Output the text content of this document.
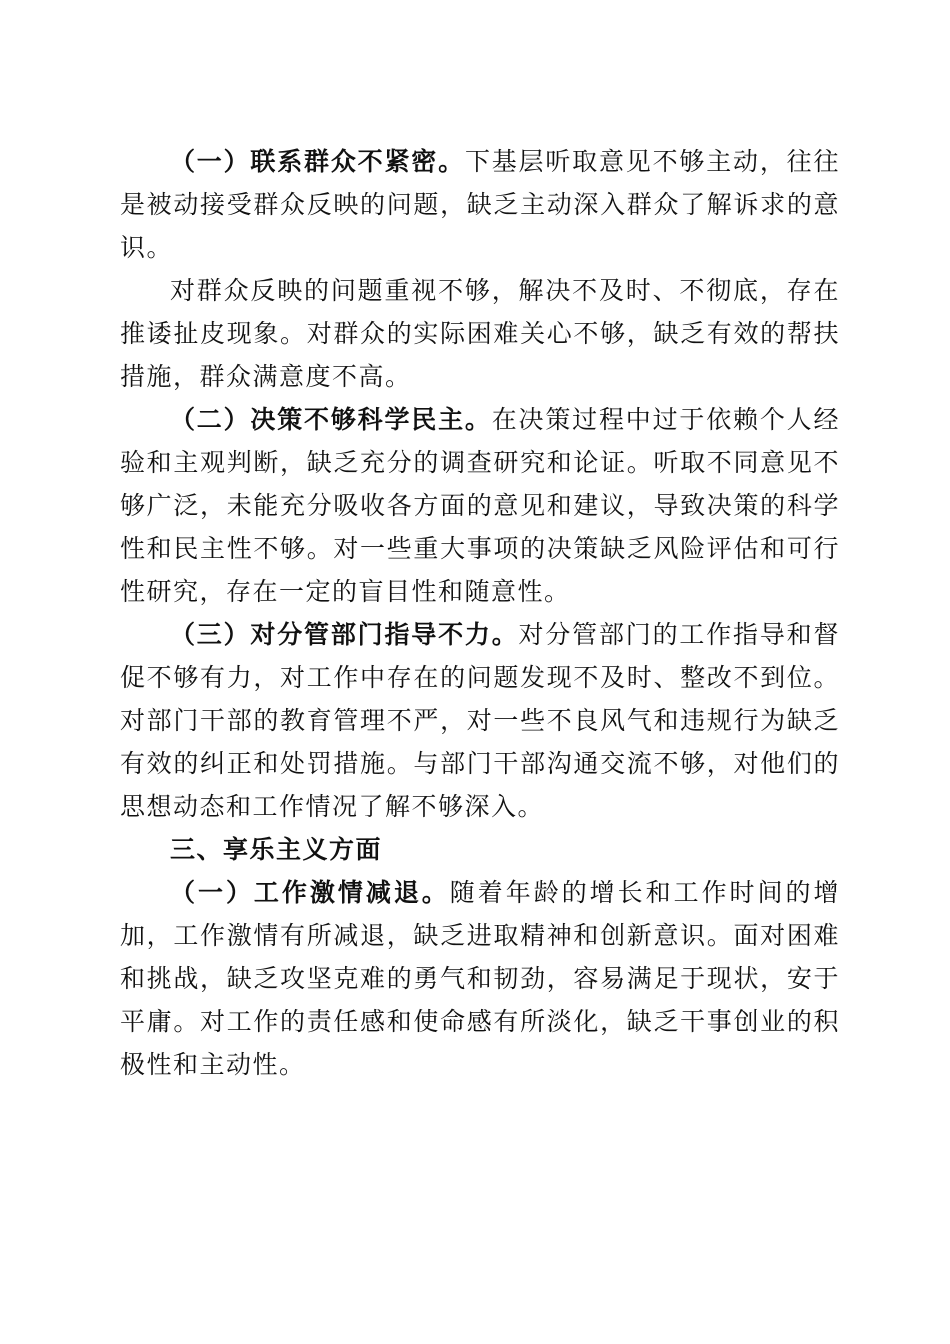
（一）联系群众不紧密。下基层听取意见不够主动，往往是被动接受群众反映的问题，缺乏主动深入群众了解诉求的意识。

对群众反映的问题重视不够，解决不及时、不彻底，存在推诿扯皮现象。对群众的实际困难关心不够，缺乏有效的帮扶措施，群众满意度不高。

（二）决策不够科学民主。在决策过程中过于依赖个人经验和主观判断，缺乏充分的调查研究和论证。听取不同意见不够广泛，未能充分吸收各方面的意见和建议，导致决策的科学性和民主性不够。对一些重大事项的决策缺乏风险评估和可行性研究，存在一定的盲目性和随意性。

（三）对分管部门指导不力。对分管部门的工作指导和督促不够有力，对工作中存在的问题发现不及时、整改不到位。对部门干部的教育管理不严，对一些不良风气和违规行为缺乏有效的纠正和处罚措施。与部门干部沟通交流不够，对他们的思想动态和工作情况了解不够深入。

三、享乐主义方面

（一）工作激情减退。随着年龄的增长和工作时间的增加，工作激情有所减退，缺乏进取精神和创新意识。面对困难和挑战，缺乏攻坚克难的勇气和韧劲，容易满足于现状，安于平庸。对工作的责任感和使命感有所淡化，缺乏干事创业的积极性和主动性。
